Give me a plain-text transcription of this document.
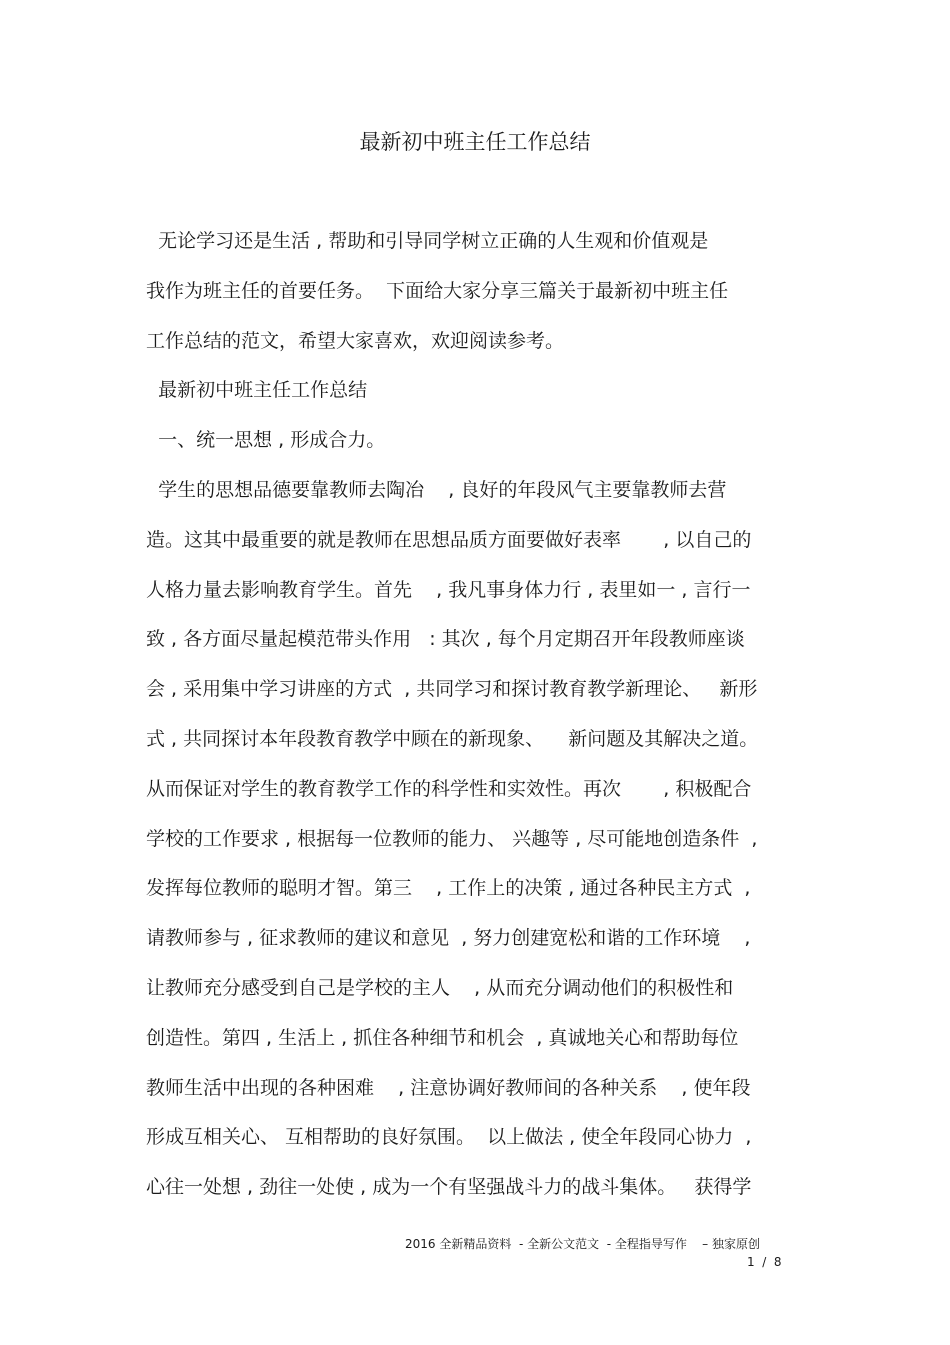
最新初中班主任工作总结
无论学习还是生活 , 帮助和引导同学树立正确的人生观和价值观是
我作为班主任的首要任务。  下面给大家分享三篇关于最新初中班主任
工作总结的范文，希望大家喜欢，欢迎阅读参考。
最新初中班主任工作总结
一、统一思想 , 形成合力。
学生的思想品德要靠教师去陶冶    , 良好的年段风气主要靠教师去营
造。这其中最重要的就是教师在思想品质方面要做好表率       , 以自己的
人格力量去影响教育学生。首先    , 我凡事身体力行 , 表里如一 , 言行一
致 , 各方面尽量起模范带头作用   : 其次 , 每个月定期召开年段教师座谈
会 , 采用集中学习讲座的方式  , 共同学习和探讨教育教学新理论、   新形
式 , 共同探讨本年段教育教学中顾在的新现象、    新问题及其解决之道。
从而保证对学生的教育教学工作的科学性和实效性。再次       , 积极配合
学校的工作要求 , 根据每一位教师的能力、 兴趣等 , 尽可能地创造条件  ,
发挥每位教师的聪明才智。第三    , 工作上的决策 , 通过各种民主方式  ,
请教师参与 , 征求教师的建议和意见  , 努力创建宽松和谐的工作环境    ,
让教师充分感受到自己是学校的主人    , 从而充分调动他们的积极性和
创造性。第四 , 生活上 , 抓住各种细节和机会  , 真诚地关心和帮助每位
教师生活中出现的各种困难    , 注意协调好教师间的各种关系    , 使年段
形成互相关心、 互相帮助的良好氛围。  以上做法 , 使全年段同心协力  ,
心往一处想 , 劲往一处使 , 成为一个有坚强战斗力的战斗集体。   获得学
2016 全新精品资料  - 全新公文范文  - 全程指导写作    – 独家原创
1  /  8
